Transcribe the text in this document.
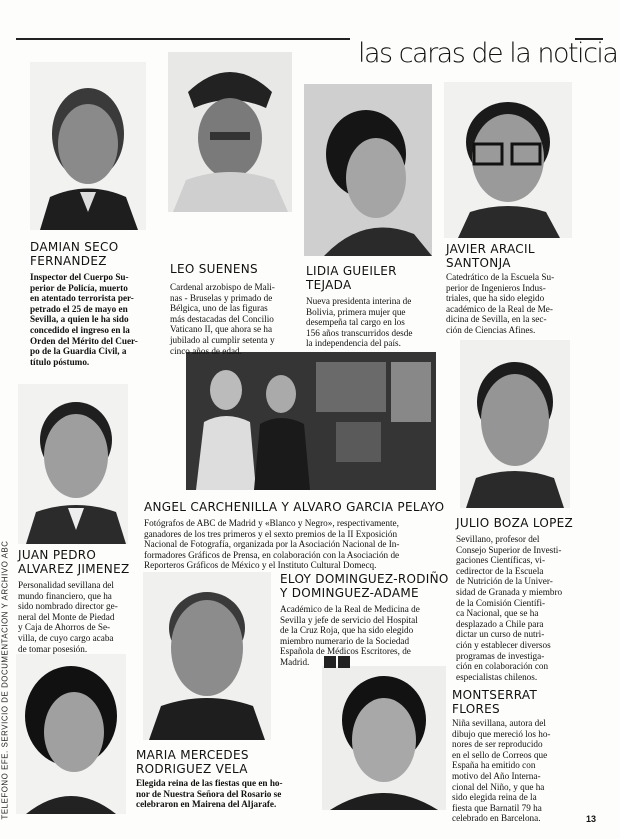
las caras de la noticia
DAMIAN SECO
FERNANDEZ
Inspector del Cuerpo Su-
perior de Policía, muerto
en atentado terrorista per-
petrado el 25 de mayo en
Sevilla, a quien le ha sido
concedido el ingreso en la
Orden del Mérito del Cuer-
po de la Guardia Civil, a
título póstumo.
LEO SUENENS
Cardenal arzobispo de Mali-
nas - Bruselas y primado de
Bélgica, uno de las figuras
más destacadas del Concilio
Vaticano II, que ahora se ha
jubilado al cumplir setenta y
cinco años de edad.
LIDIA GUEILER
TEJADA
Nueva presidenta interina de
Bolivia, primera mujer que
desempeña tal cargo en los
156 años transcurridos desde
la independencia del país.
JAVIER ARACIL
SANTONJA
Catedrático de la Escuela Su-
perior de Ingenieros Indus-
triales, que ha sido elegido
académico de la Real de Me-
dicina de Sevilla, en la sec-
ción de Ciencias Afines.
ANGEL CARCHENILLA Y ALVARO GARCIA PELAYO
Fotógrafos de ABC de Madrid y «Blanco y Negro», respectivamente,
ganadores de los tres primeros y el sexto premios de la II Exposición
Nacional de Fotografía, organizada por la Asociación Nacional de In-
formadores Gráficos de Prensa, en colaboración con la Asociación de
Reporteros Gráficos de México y el Instituto Cultural Domecq.
JULIO BOZA LOPEZ
Sevillano, profesor del
Consejo Superior de Investi-
gaciones Científicas, vi-
cedirector de la Escuela
de Nutrición de la Univer-
sidad de Granada y miembro
de la Comisión Científi-
ca Nacional, que se ha
desplazado a Chile para
dictar un curso de nutri-
ción y establecer diversos
programas de investiga-
ción en colaboración con
especialistas chilenos.
JUAN PEDRO
ALVAREZ JIMENEZ
Personalidad sevillana del
mundo financiero, que ha
sido nombrado director ge-
neral del Monte de Piedad
y Caja de Ahorros de Se-
villa, de cuyo cargo acaba
de tomar posesión.
ELOY DOMINGUEZ-RODIÑO
Y DOMINGUEZ-ADAME
Académico de la Real de Medicina de
Sevilla y jefe de servicio del Hospital
de la Cruz Roja, que ha sido elegido
miembro numerario de la Sociedad
Española de Médicos Escritores, de
Madrid.
MONTSERRAT
FLORES
Niña sevillana, autora del
dibujo que mereció los ho-
nores de ser reproducido
en el sello de Correos que
España ha emitido con
motivo del Año Interna-
cional del Niño, y que ha
sido elegida reina de la
fiesta que Barnatil 79 ha
celebrado en Barcelona.
MARIA MERCEDES
RODRIGUEZ VELA
Elegida reina de las fiestas que en ho-
nor de Nuestra Señora del Rosario se
celebraron en Mairena del Aljarafe.
TELEFONO EFE. SERVICIO DE DOCUMENTACION Y ARCHIVO ABC	13
